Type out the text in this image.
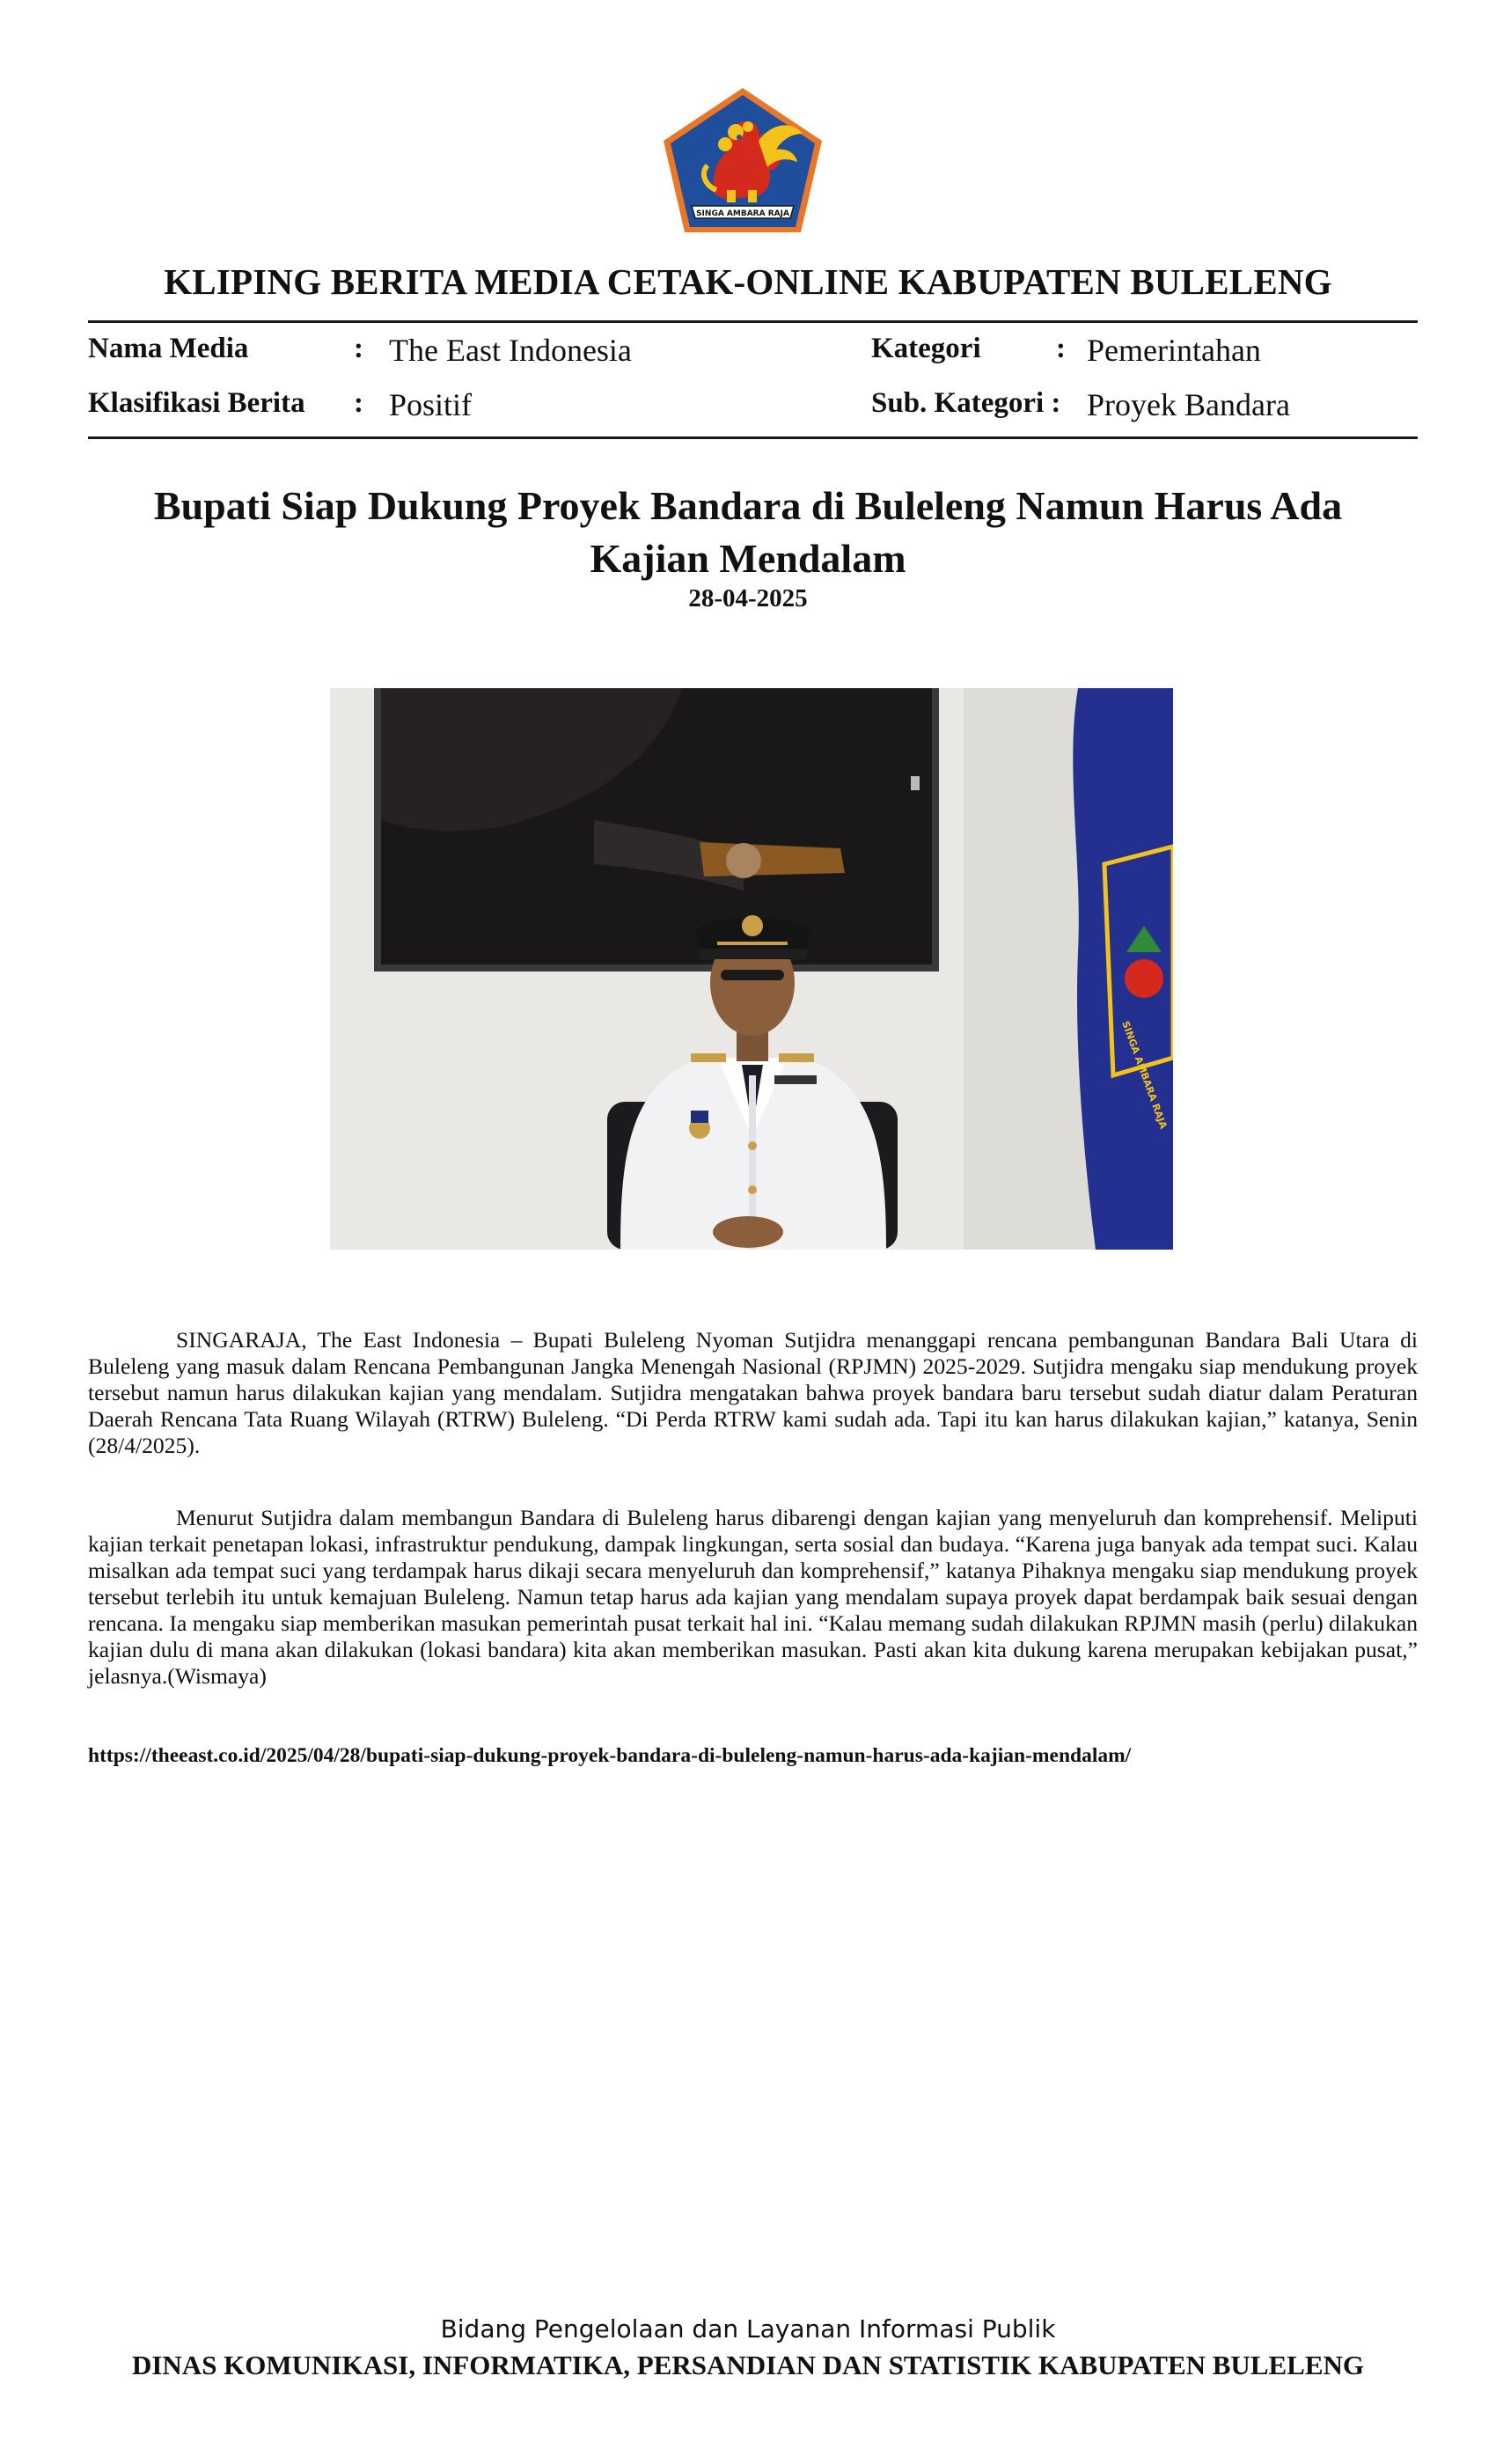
SINGA AMBARA RAJA
KLIPING BERITA MEDIA CETAK-ONLINE KABUPATEN BULELENG
Nama Media	: The East Indonesia	Kategori	: Pemerintahan
Klasifikasi Berita : Positif	Sub. Kategori : Proyek Bandara
Bupati Siap Dukung Proyek Bandara di Buleleng Namun Harus Ada
Kajian Mendalam
28-04-2025
SINGA AMBARA RAJA

SINGARAJA, The East Indonesia – Bupati Buleleng Nyoman Sutjidra menanggapi rencana pembangunan Bandara Bali Utara di Buleleng yang masuk dalam Rencana Pembangunan Jangka Menengah Nasional (RPJMN) 2025-2029. Sutjidra mengaku siap mendukung proyek tersebut namun harus dilakukan kajian yang mendalam. Sutjidra mengatakan bahwa proyek bandara baru tersebut sudah diatur dalam Peraturan Daerah Rencana Tata Ruang Wilayah (RTRW) Buleleng. “Di Perda RTRW kami sudah ada. Tapi itu kan harus dilakukan kajian,” katanya, Senin (28/4/2025).

Menurut Sutjidra dalam membangun Bandara di Buleleng harus dibarengi dengan kajian yang menyeluruh dan komprehensif. Meliputi kajian terkait penetapan lokasi, infrastruktur pendukung, dampak lingkungan, serta sosial dan budaya. “Karena juga banyak ada tempat suci. Kalau misalkan ada tempat suci yang terdampak harus dikaji secara menyeluruh dan komprehensif,” katanya Pihaknya mengaku siap mendukung proyek tersebut terlebih itu untuk kemajuan Buleleng. Namun tetap harus ada kajian yang mendalam supaya proyek dapat berdampak baik sesuai dengan rencana. Ia mengaku siap memberikan masukan pemerintah pusat terkait hal ini. “Kalau memang sudah dilakukan RPJMN masih (perlu) dilakukan kajian dulu di mana akan dilakukan (lokasi bandara) kita akan memberikan masukan. Pasti akan kita dukung karena merupakan kebijakan pusat,” jelasnya.(Wismaya)

https://theeast.co.id/2025/04/28/bupati-siap-dukung-proyek-bandara-di-buleleng-namun-harus-ada-kajian-mendalam/
Bidang Pengelolaan dan Layanan Informasi Publik
DINAS KOMUNIKASI, INFORMATIKA, PERSANDIAN DAN STATISTIK KABUPATEN BULELENG
